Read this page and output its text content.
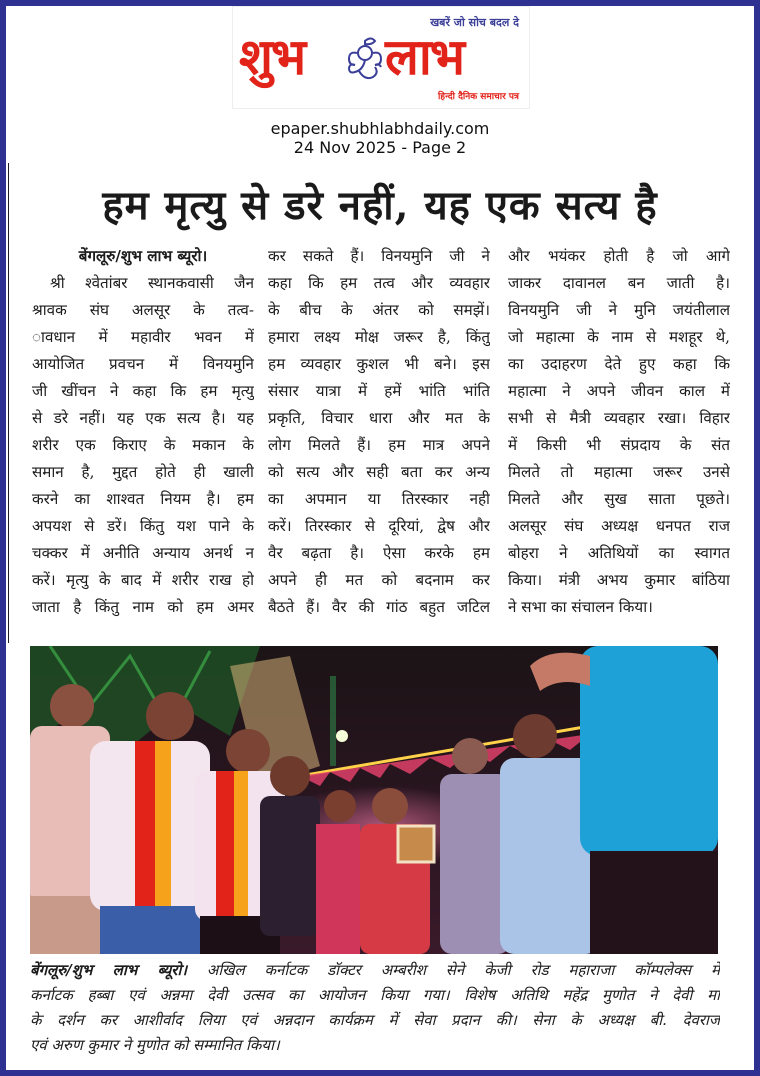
खबरें जो सोच बदल दे
शुभ लाभ
हिन्दी दैनिक समाचार पत्र
epaper.shubhlabhdaily.com
24 Nov 2025 - Page 2
हम मृत्यु से डरे नहीं, यह एक सत्य है
बेंगलूरु/शुभ लाभ ब्यूरो।
श्री श्वेतांबर स्थानकवासी जैन
श्रावक संघ अलसूर के तत्व-
ावधान में महावीर भवन में
आयोजित प्रवचन में विनयमुनि
जी खींचन ने कहा कि हम मृत्यु
से डरे नहीं। यह एक सत्य है। यह
शरीर एक किराए के मकान के
समान है, मुद्दत होते ही खाली
करने का शाश्वत नियम है। हम
अपयश से डरें। किंतु यश पाने के
चक्कर में अनीति अन्याय अनर्थ न
करें। मृत्यु के बाद में शरीर राख हो
जाता है किंतु नाम को हम अमर
कर सकते हैं। विनयमुनि जी ने
कहा कि हम तत्व और व्यवहार
के बीच के अंतर को समझें।
हमारा लक्ष्य मोक्ष जरूर है, किंतु
हम व्यवहार कुशल भी बने। इस
संसार यात्रा में हमें भांति भांति
प्रकृति, विचार धारा और मत के
लोग मिलते हैं। हम मात्र अपने
को सत्य और सही बता कर अन्य
का अपमान या तिरस्कार नही
करें। तिरस्कार से दूरियां, द्वेष और
वैर बढ़ता है। ऐसा करके हम
अपने ही मत को बदनाम कर
बैठते हैं। वैर की गांठ बहुत जटिल
और भयंकर होती है जो आगे
जाकर दावानल बन जाती है।
विनयमुनि जी ने मुनि जयंतीलाल
जो महात्मा के नाम से मशहूर थे,
का उदाहरण देते हुए कहा कि
महात्मा ने अपने जीवन काल में
सभी से मैत्री व्यवहार रखा। विहार
में किसी भी संप्रदाय के संत
मिलते तो महात्मा जरूर उनसे
मिलते और सुख साता पूछते।
अलसूर संघ अध्यक्ष धनपत राज
बोहरा ने अतिथियों का स्वागत
किया। मंत्री अभय कुमार बांठिया
ने सभा का संचालन किया।
बेंगलूरु/शुभ लाभ ब्यूरो। अखिल कर्नाटक डॉक्टर अम्बरीश सेने केजी रोड महाराजा कॉम्पलेक्स में
कर्नाटक हब्बा एवं अन्नमा देवी उत्सव का आयोजन किया गया। विशेष अतिथि महेंद्र मुणोत ने देवी मां
के दर्शन कर आशीर्वाद लिया एवं अन्नदान कार्यक्रम में सेवा प्रदान की। सेना के अध्यक्ष बी. देवराज
एवं अरुण कुमार ने मुणोत को सम्मानित किया।
